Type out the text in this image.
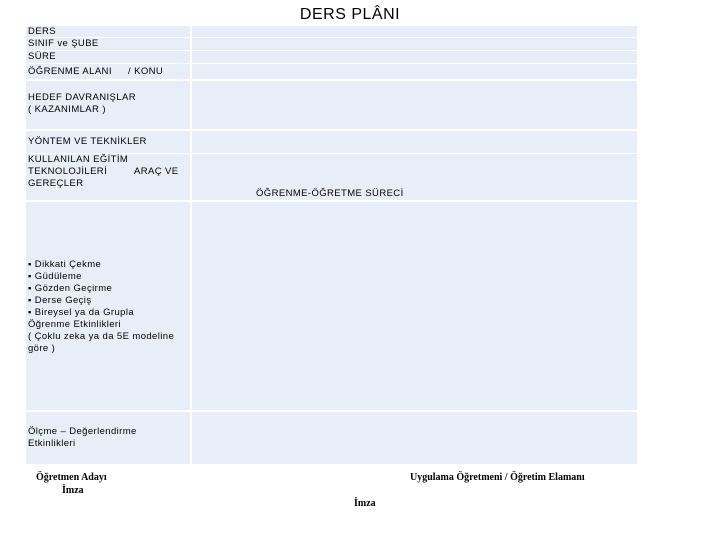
DERS PLÂNI
DERS
SINIF ve ŞUBE
SÜRE
ÖĞRENME ALANI / KONU
HEDEF DAVRANIŞLAR
( KAZANIMLAR )
YÖNTEM VE TEKNİKLER
KULLANILAN EĞİTİM
TEKNOLOJİLERİ	ARAÇ VE
GEREÇLER
ÖĞRENME-ÖĞRETME SÜRECİ
▪ Dikkati Çekme
▪ Güdüleme
▪ Gözden Geçirme
▪ Derse Geçiş
▪ Bireysel ya da Grupla
Öğrenme Etkinlikleri
( Çoklu zeka ya da 5E modeline
göre )
Ölçme – Değerlendirme
Etkinlikleri
Öğretmen Adayı
İmza
Uygulama Öğretmeni / Öğretim Elamanı
İmza
